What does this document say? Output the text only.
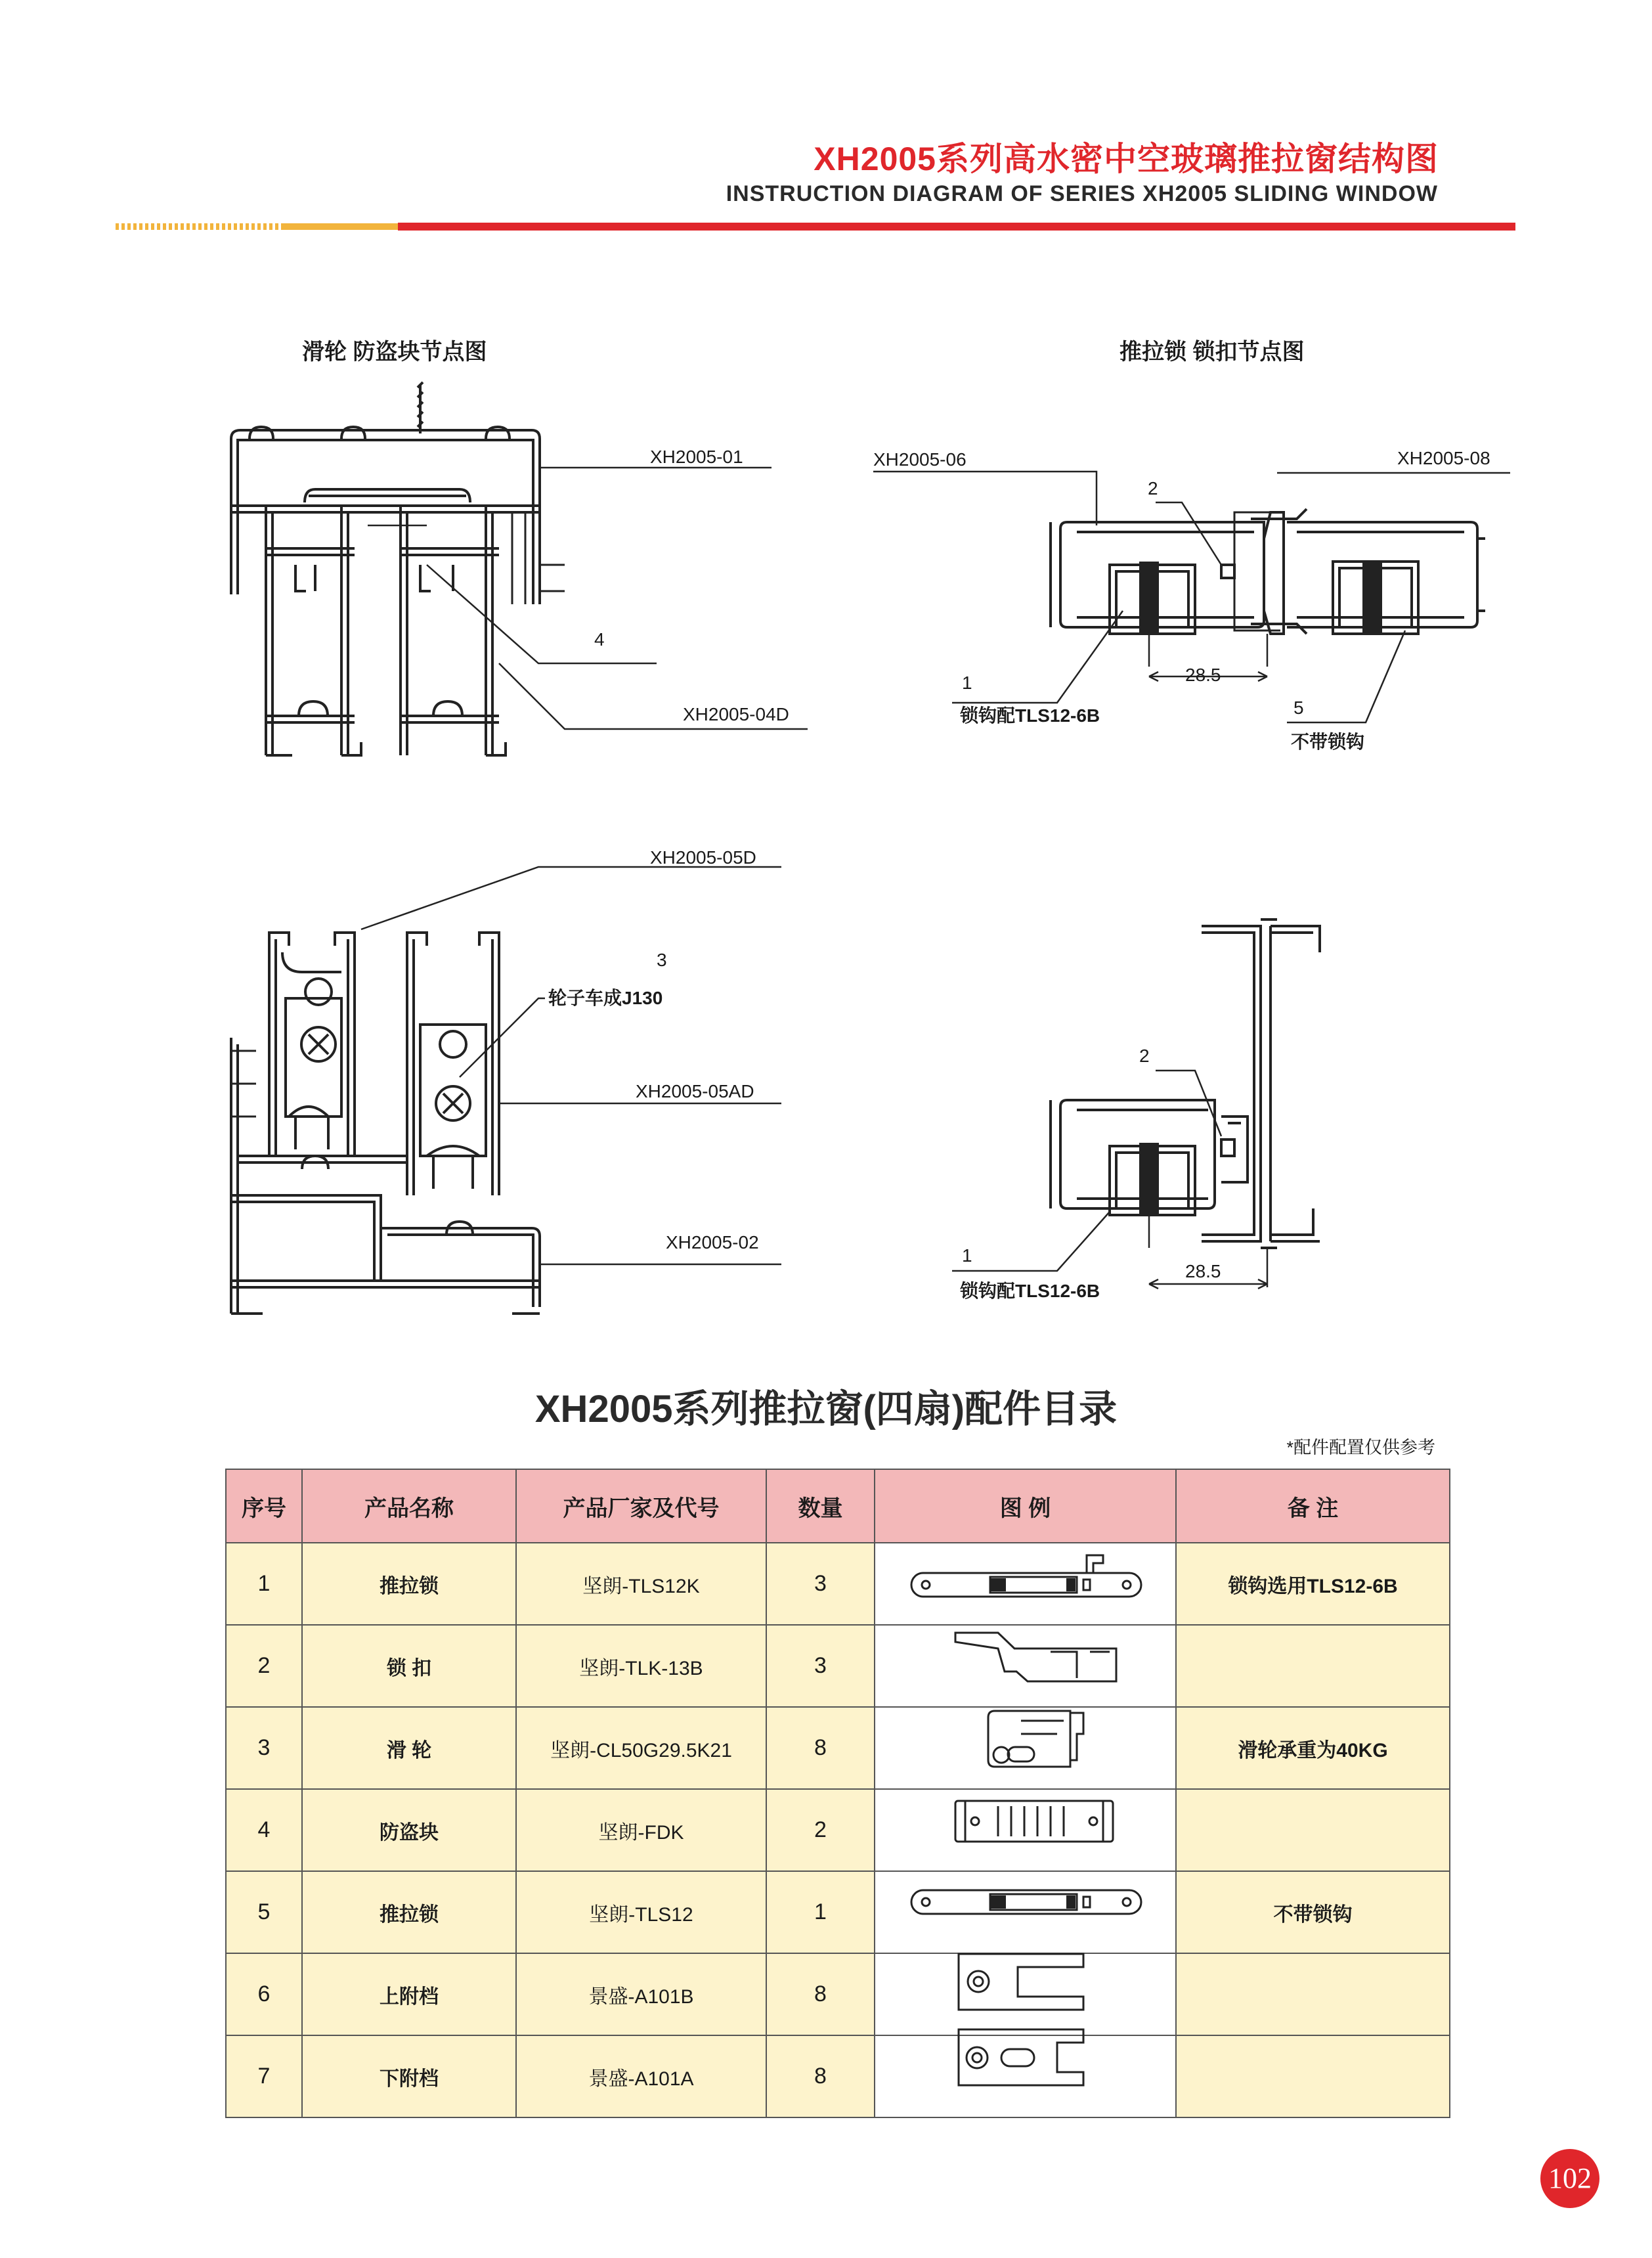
XH2005系列高水密中空玻璃推拉窗结构图
INSTRUCTION DIAGRAM OF SERIES XH2005 SLIDING WINDOW
滑轮 防盗块节点图	推拉锁 锁扣节点图
XH2005-01
4
XH2005-04D
XH2005-06	XH2005-08
2
1
锁钩配TLS12-6B
28.5
5
不带锁钩
XH2005-05D
3
轮子车成J130
XH2005-05AD
XH2005-02
2
1
锁钩配TLS12-6B
28.5
XH2005系列推拉窗(四扇)配件目录
*配件配置仅供参考
序号	产品名称	产品厂家及代号	数量	图 例	备 注
1	推拉锁	坚朗-TLS12K	3		锁钩选用TLS12-6B
2	锁 扣	坚朗-TLK-13B	3		
3	滑 轮	坚朗-CL50G29.5K21	8		滑轮承重为40KG
4	防盗块	坚朗-FDK	2		
5	推拉锁	坚朗-TLS12	1		不带锁钩
6	上附档	景盛-A101B	8		
7	下附档	景盛-A101A	8		
102
